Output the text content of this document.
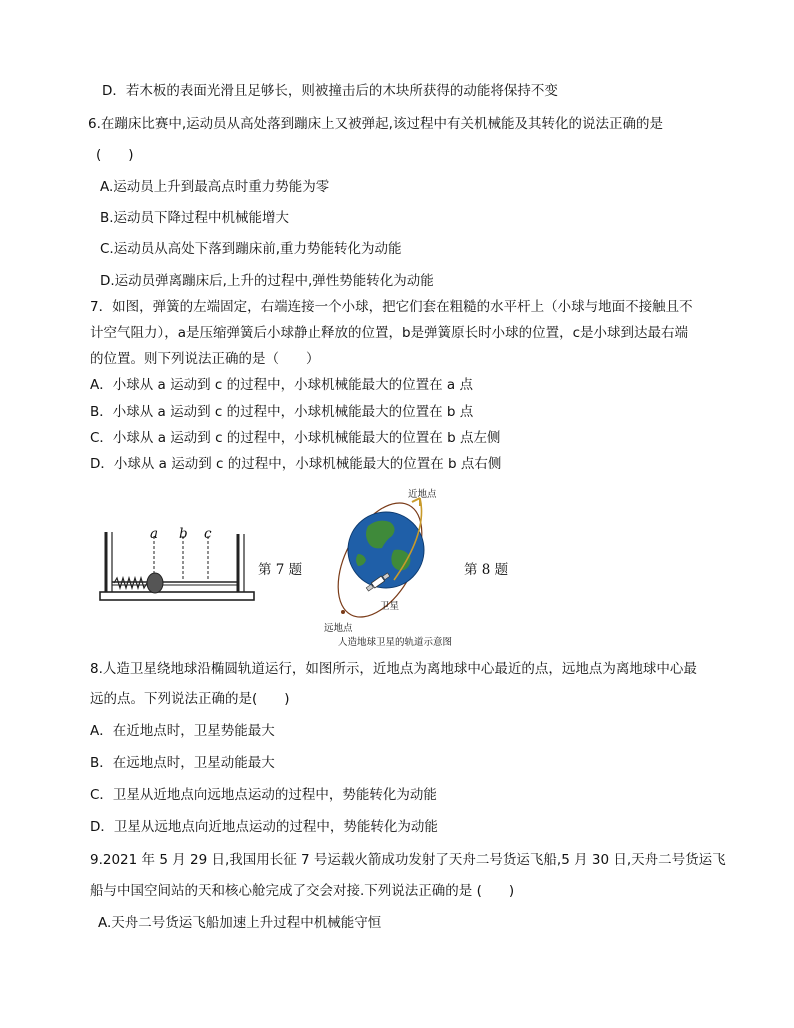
D．若木板的表面光滑且足够长，则被撞击后的木块所获得的动能将保持不变
6.在蹦床比赛中,运动员从高处落到蹦床上又被弹起,该过程中有关机械能及其转化的说法正确的是
(　　)
A.运动员上升到最高点时重力势能为零
B.运动员下降过程中机械能增大
C.运动员从高处下落到蹦床前,重力势能转化为动能
D.运动员弹离蹦床后,上升的过程中,弹性势能转化为动能
7．如图，弹簧的左端固定，右端连接一个小球，把它们套在粗糙的水平杆上（小球与地面不接触且不
计空气阻力），a是压缩弹簧后小球静止释放的位置，b是弹簧原长时小球的位置，c是小球到达最右端
的位置。则下列说法正确的是（　　）
A．小球从 a 运动到 c 的过程中，小球机械能最大的位置在 a 点
B．小球从 a 运动到 c 的过程中，小球机械能最大的位置在 b 点
C．小球从 a 运动到 c 的过程中，小球机械能最大的位置在 b 点左侧
D．小球从 a 运动到 c 的过程中，小球机械能最大的位置在 b 点右侧
a b c
第 7 题
近地点
卫星
远地点
人造地球卫星的轨道示意图
第 8 题
8.人造卫星绕地球沿椭圆轨道运行，如图所示，近地点为离地球中心最近的点，远地点为离地球中心最
远的点。下列说法正确的是(　　)
A．在近地点时，卫星势能最大
B．在远地点时，卫星动能最大
C．卫星从近地点向远地点运动的过程中，势能转化为动能
D．卫星从远地点向近地点运动的过程中，势能转化为动能
9.2021 年 5 月 29 日,我国用长征 7 号运载火箭成功发射了天舟二号货运飞船,5 月 30 日,天舟二号货运飞
船与中国空间站的天和核心舱完成了交会对接.下列说法正确的是 (　　)
A.天舟二号货运飞船加速上升过程中机械能守恒
